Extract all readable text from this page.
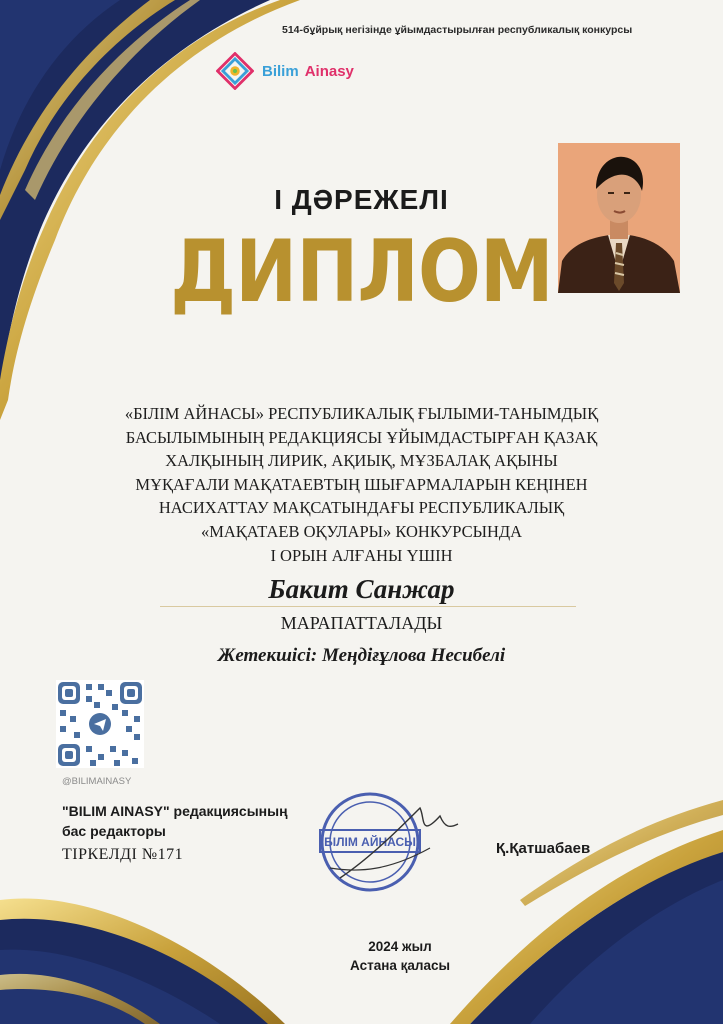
514-бұйрық негізінде ұйымдастырылған республикалық конкурсы
Bilim Ainasy
I ДӘРЕЖЕЛІ
ДИПЛОМ
«БІЛІМ АЙНАСЫ» РЕСПУБЛИКАЛЫҚ ҒЫЛЫМИ-ТАНЫМДЫҚ
БАСЫЛЫМЫНЫҢ РЕДАКЦИЯСЫ ҰЙЫМДАСТЫРҒАН ҚАЗАҚ
ХАЛҚЫНЫҢ ЛИРИК, АҚИЫҚ, МҰЗБАЛАҚ АҚЫНЫ
МҰҚАҒАЛИ МАҚАТАЕВТЫҢ ШЫҒАРМАЛАРЫН КЕҢІНЕН
НАСИХАТТАУ МАҚСАТЫНДАҒЫ РЕСПУБЛИКАЛЫҚ
«МАҚАТАЕВ ОҚУЛАРЫ» КОНКУРСЫНДА
І ОРЫН АЛҒАНЫ ҮШІН
Бакит Санжар
МАРАПАТТАЛАДЫ
Жетекшісі: Меңдіғұлова Несибелі
@BILIMAINASY
"BILIM AINASY" редакциясының
бас редакторы
ТІРКЕЛДІ №171
БІЛІМ АЙНАСЫ	Қ.Қатшабаев
2024 жыл
Астана қаласы
